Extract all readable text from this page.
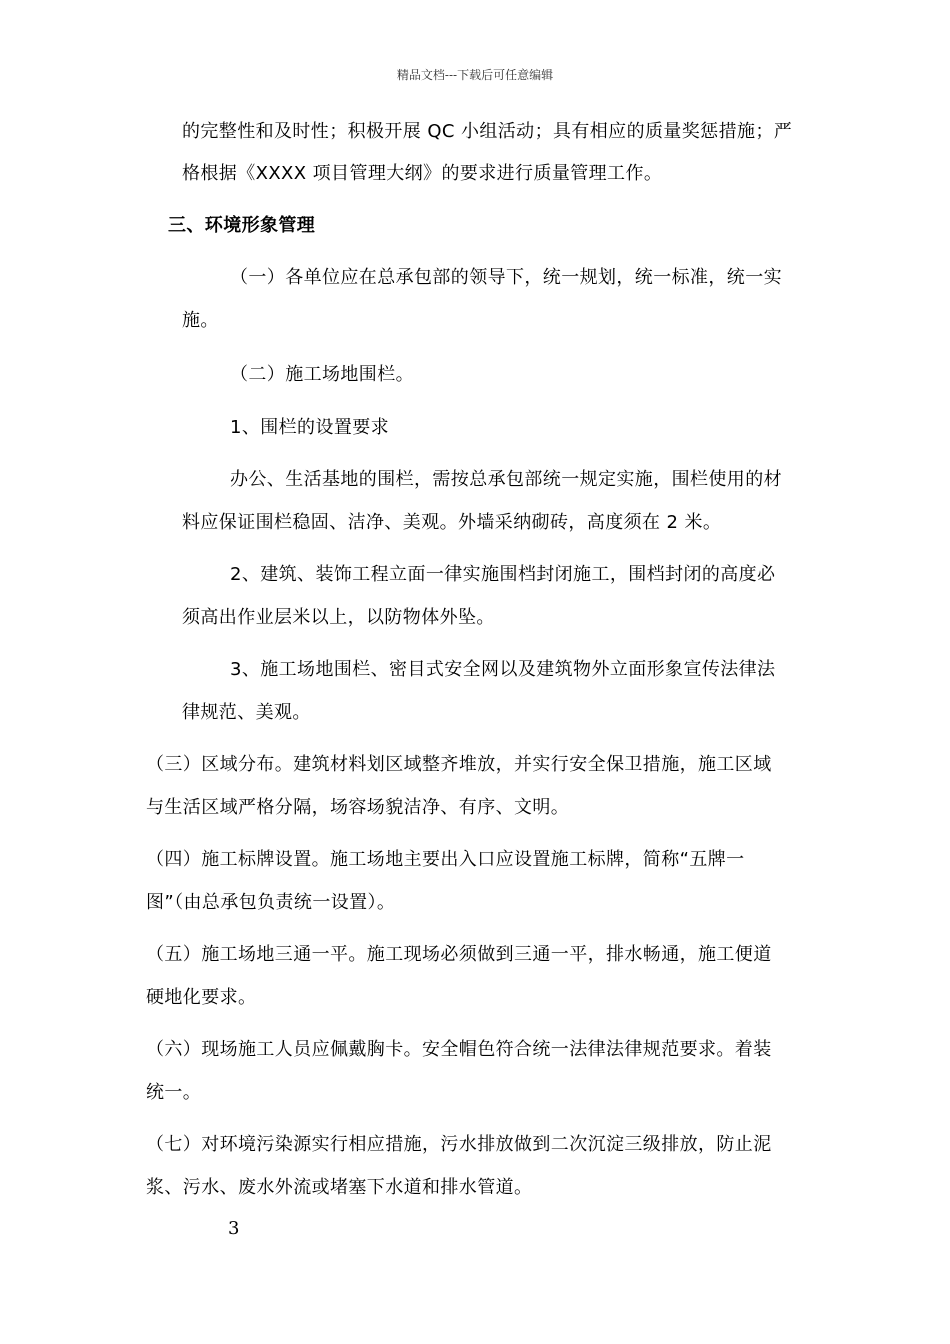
精品文档---下载后可任意编辑
的完整性和及时性；积极开展 QC 小组活动；具有相应的质量奖惩措施；严
格根据《XXXX 项目管理大纲》的要求进行质量管理工作。
三、环境形象管理
（一）各单位应在总承包部的领导下，统一规划，统一标准，统一实
施。
（二）施工场地围栏。
1、围栏的设置要求
办公、生活基地的围栏，需按总承包部统一规定实施，围栏使用的材
料应保证围栏稳固、洁净、美观。外墙采纳砌砖，高度须在 2 米。
2、建筑、装饰工程立面一律实施围档封闭施工，围档封闭的高度必
须高出作业层米以上，以防物体外坠。
3、施工场地围栏、密目式安全网以及建筑物外立面形象宣传法律法
律规范、美观。
（三）区域分布。建筑材料划区域整齐堆放，并实行安全保卫措施，施工区域
与生活区域严格分隔，场容场貌洁净、有序、文明。
（四）施工标牌设置。施工场地主要出入口应设置施工标牌，简称“五牌一
图”（由总承包负责统一设置）。
（五）施工场地三通一平。施工现场必须做到三通一平，排水畅通，施工便道
硬地化要求。
（六）现场施工人员应佩戴胸卡。安全帽色符合统一法律法律规范要求。着装
统一。
（七）对环境污染源实行相应措施，污水排放做到二次沉淀三级排放，防止泥
浆、污水、废水外流或堵塞下水道和排水管道。
3
